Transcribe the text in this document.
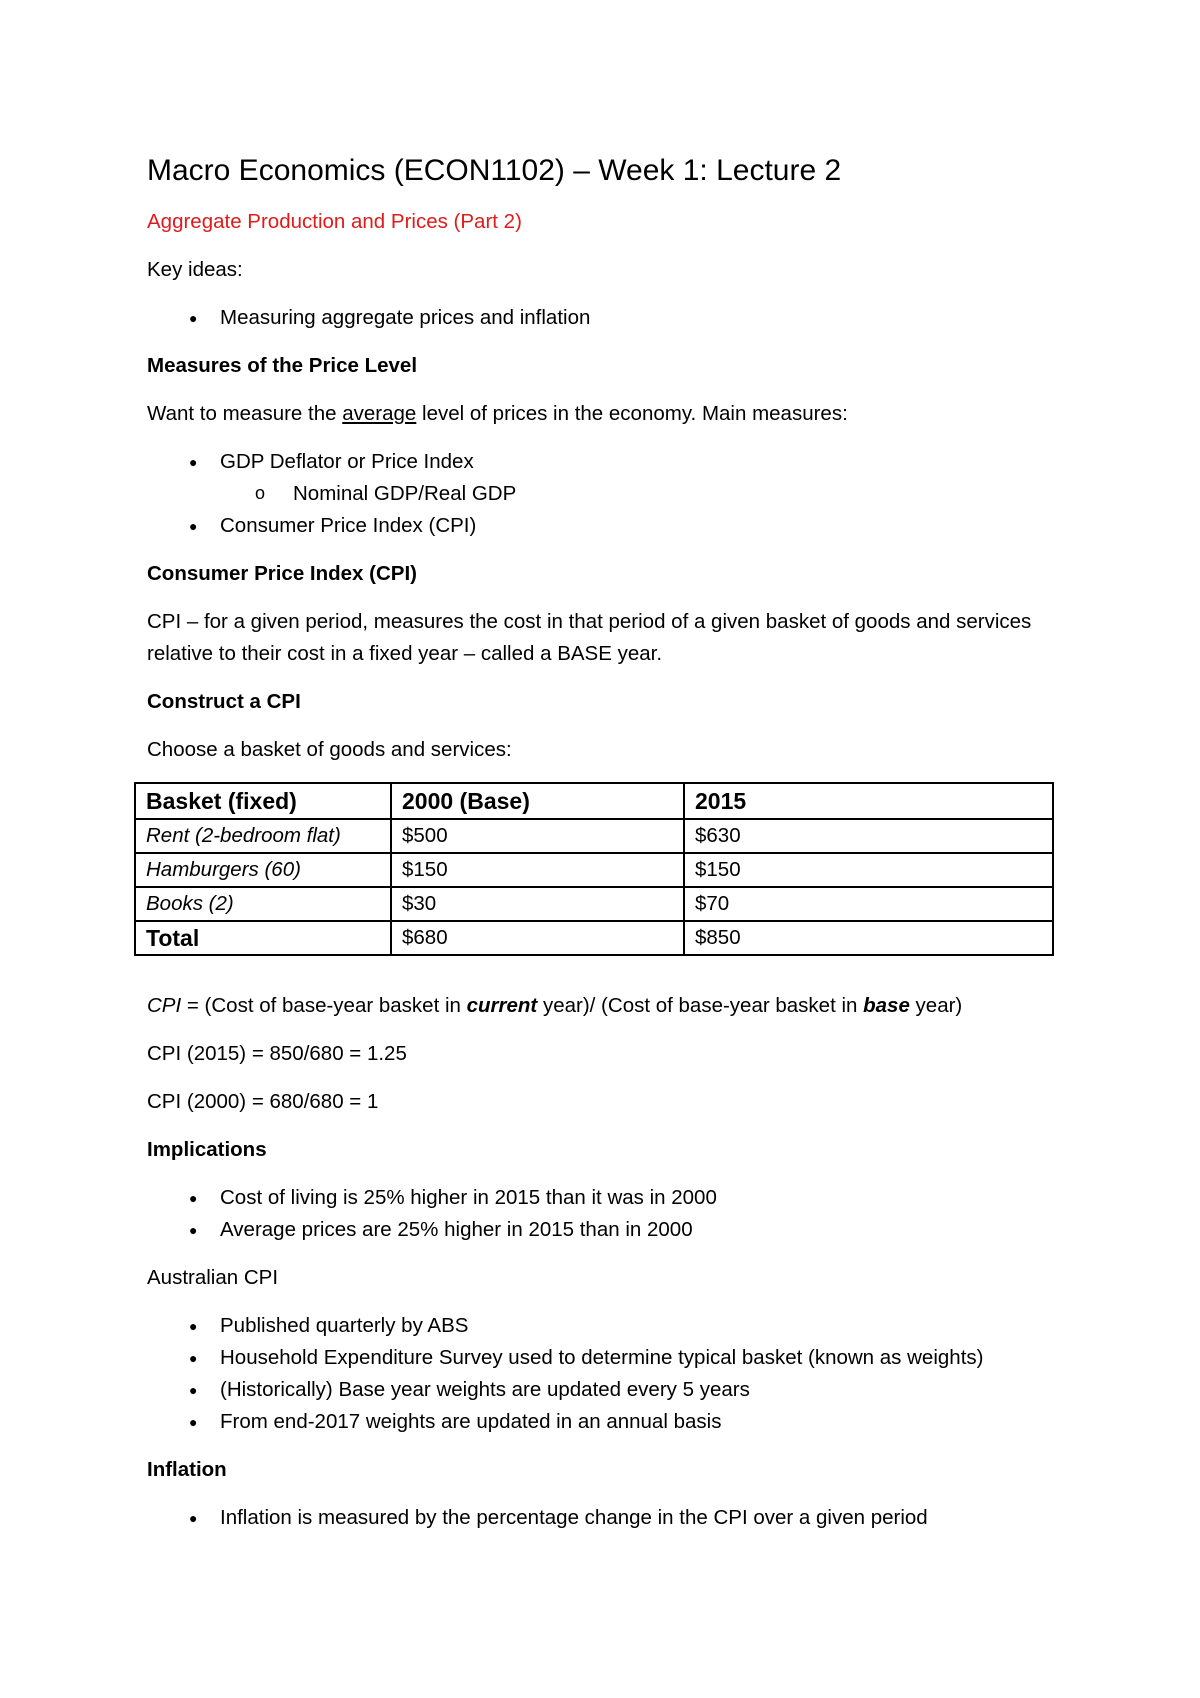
Macro Economics (ECON1102) – Week 1: Lecture 2

Aggregate Production and Prices (Part 2)

Key ideas:

● Measuring aggregate prices and inflation

Measures of the Price Level

Want to measure the average level of prices in the economy. Main measures:

● GDP Deflator or Price Index
o Nominal GDP/Real GDP
● Consumer Price Index (CPI)

Consumer Price Index (CPI)

CPI – for a given period, measures the cost in that period of a given basket of goods and services relative to their cost in a fixed year – called a BASE year.

Construct a CPI

Choose a basket of goods and services:

Basket (fixed)	2000 (Base)	2015
Rent (2-bedroom flat)	$500	$630
Hamburgers (60)	$150	$150
Books (2)	$30	$70
Total	$680	$850

CPI = (Cost of base-year basket in current year)/ (Cost of base-year basket in base year)

CPI (2015) = 850/680 = 1.25

CPI (2000) = 680/680 = 1

Implications

● Cost of living is 25% higher in 2015 than it was in 2000
● Average prices are 25% higher in 2015 than in 2000

Australian CPI

● Published quarterly by ABS
● Household Expenditure Survey used to determine typical basket (known as weights)
● (Historically) Base year weights are updated every 5 years
● From end-2017 weights are updated in an annual basis

Inflation

● Inflation is measured by the percentage change in the CPI over a given period
